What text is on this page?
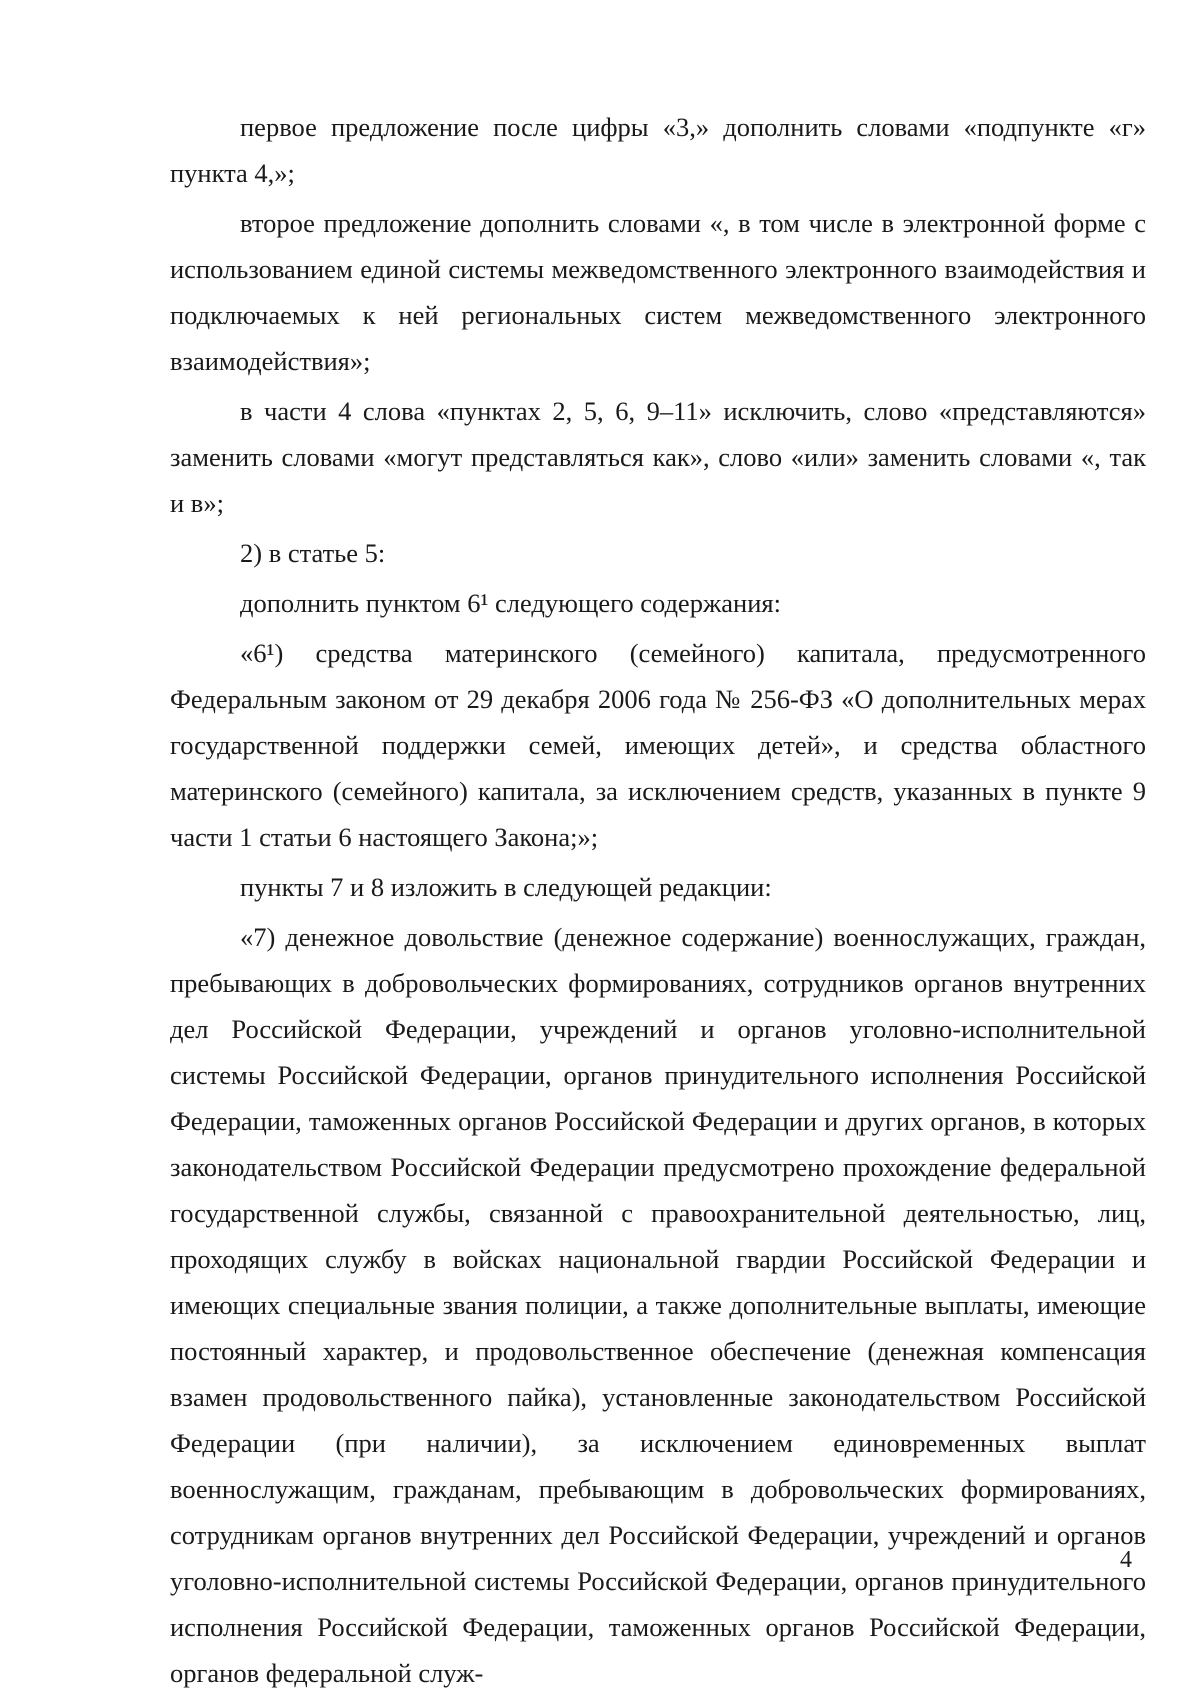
первое предложение после цифры «3,» дополнить словами «подпункте «г» пункта 4,»;

второе предложение дополнить словами «, в том числе в электронной форме с использованием единой системы межведомственного электронного взаимодействия и подключаемых к ней региональных систем межведомственного электронного взаимодействия»;

в части 4 слова «пунктах 2, 5, 6, 9–11» исключить, слово «представляются» заменить словами «могут представляться как», слово «или» заменить словами «, так и в»;

2) в статье 5:

дополнить пунктом 6¹ следующего содержания:

«6¹) средства материнского (семейного) капитала, предусмотренного Федеральным законом от 29 декабря 2006 года № 256-ФЗ «О дополнительных мерах государственной поддержки семей, имеющих детей», и средства областного материнского (семейного) капитала, за исключением средств, указанных в пункте 9 части 1 статьи 6 настоящего Закона;»;

пункты 7 и 8 изложить в следующей редакции:

«7) денежное довольствие (денежное содержание) военнослужащих, граждан, пребывающих в добровольческих формированиях, сотрудников органов внутренних дел Российской Федерации, учреждений и органов уголовно-исполнительной системы Российской Федерации, органов принудительного исполнения Российской Федерации, таможенных органов Российской Федерации и других органов, в которых законодательством Российской Федерации предусмотрено прохождение федеральной государственной службы, связанной с правоохранительной деятельностью, лиц, проходящих службу в войсках национальной гвардии Российской Федерации и имеющих специальные звания полиции, а также дополнительные выплаты, имеющие постоянный характер, и продовольственное обеспечение (денежная компенсация взамен продовольственного пайка), установленные законодательством Российской Федерации (при наличии), за исключением единовременных выплат военнослужащим, гражданам, пребывающим в добровольческих формированиях, сотрудникам органов внутренних дел Российской Федерации, учреждений и органов уголовно-исполнительной системы Российской Федерации, органов принудительного исполнения Российской Федерации, таможенных органов Российской Федерации, органов федеральной служ-

4
